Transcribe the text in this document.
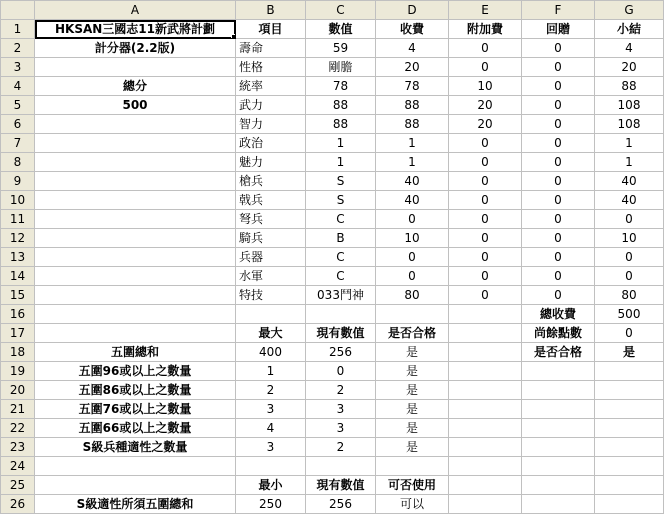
	A	B	C	D	E	F	G
1	HKSAN三國志11新武將計劃	項目	數值	收費	附加費	回贈	小結
2	計分器(2.2版)	壽命	59	4	0	0	4
3		性格	剛膽	20	0	0	20
4	總分	統率	78	78	10	0	88
5	500	武力	88	88	20	0	108
6		智力	88	88	20	0	108
7		政治	1	1	0	0	1
8		魅力	1	1	0	0	1
9		槍兵	S	40	0	0	40
10		戟兵	S	40	0	0	40
11		弩兵	C	0	0	0	0
12		騎兵	B	10	0	0	10
13		兵器	C	0	0	0	0
14		水軍	C	0	0	0	0
15		特技	033鬥神	80	0	0	80
16						總收費	500
17		最大	現有數值	是否合格		尚餘點數	0
18	五圍總和	400	256	是		是否合格	是
19	五圍96或以上之數量	1	0	是			
20	五圍86或以上之數量	2	2	是			
21	五圍76或以上之數量	3	3	是			
22	五圍66或以上之數量	4	3	是			
23	S級兵種適性之數量	3	2	是			
24							
25		最小	現有數值	可否使用			
26	S級適性所須五圍總和	250	256	可以			
